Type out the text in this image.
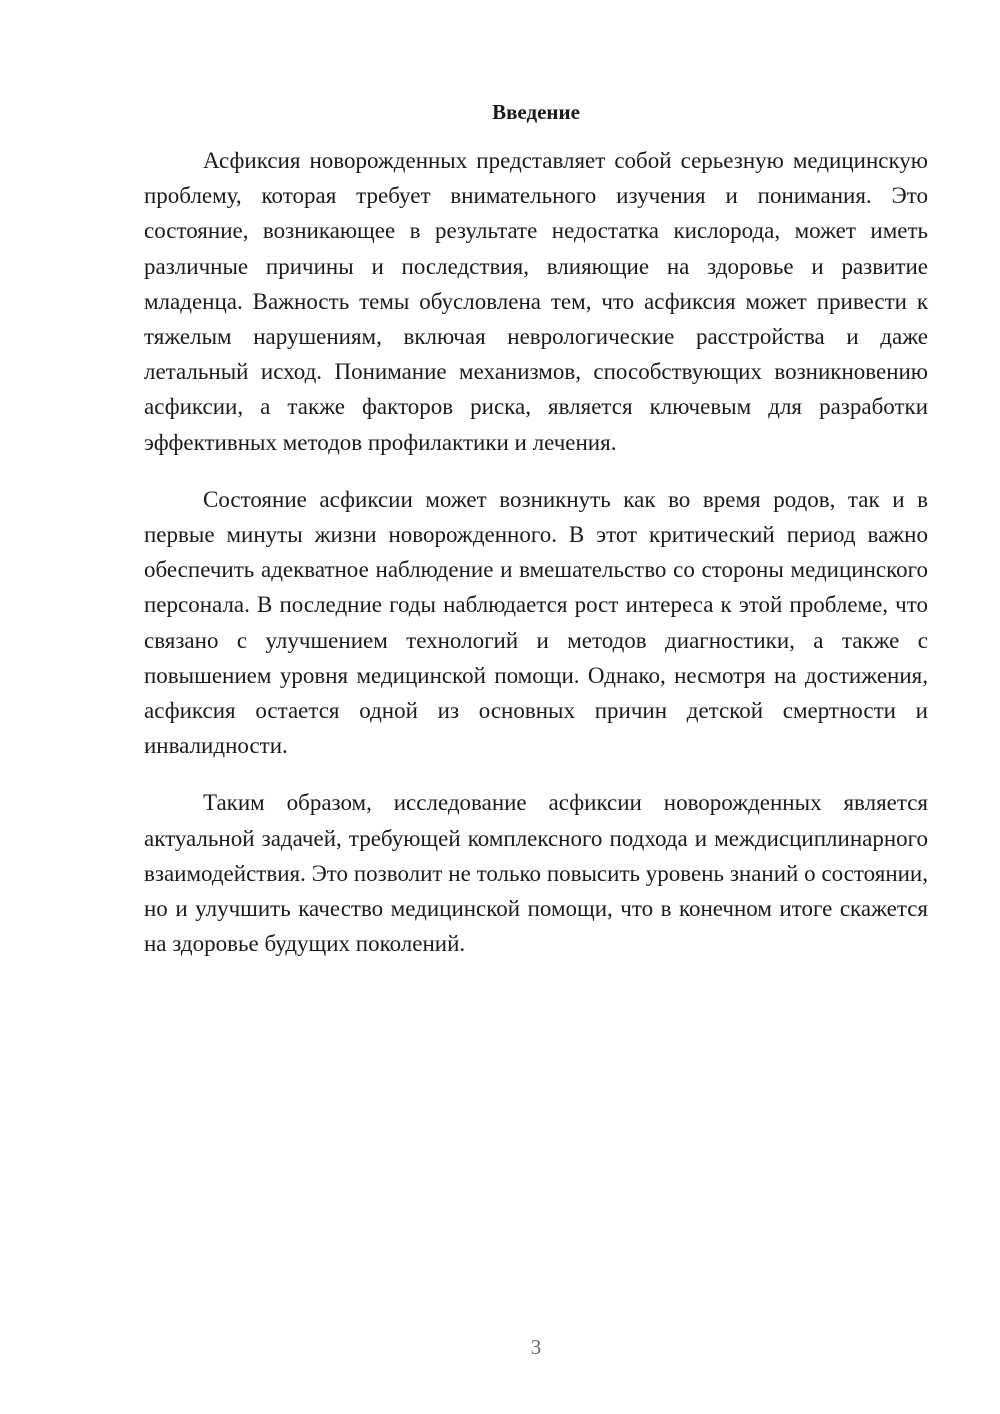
Введение

Асфиксия новорожденных представляет собой серьезную медицинскую проблему, которая требует внимательного изучения и понимания. Это состояние, возникающее в результате недостатка кислорода, может иметь различные причины и последствия, влияющие на здоровье и развитие младенца. Важность темы обусловлена тем, что асфиксия может привести к тяжелым нарушениям, включая неврологические расстройства и даже летальный исход. Понимание механизмов, способствующих возникновению асфиксии, а также факторов риска, является ключевым для разработки эффективных методов профилактики и лечения.

Состояние асфиксии может возникнуть как во время родов, так и в первые минуты жизни новорожденного. В этот критический период важно обеспечить адекватное наблюдение и вмешательство со стороны медицинского персонала. В последние годы наблюдается рост интереса к этой проблеме, что связано с улучшением технологий и методов диагностики, а также с повышением уровня медицинской помощи. Однако, несмотря на достижения, асфиксия остается одной из основных причин детской смертности и инвалидности.

Таким образом, исследование асфиксии новорожденных является актуальной задачей, требующей комплексного подхода и междисциплинарного взаимодействия. Это позволит не только повысить уровень знаний о состоянии, но и улучшить качество медицинской помощи, что в конечном итоге скажется на здоровье будущих поколений.

3
